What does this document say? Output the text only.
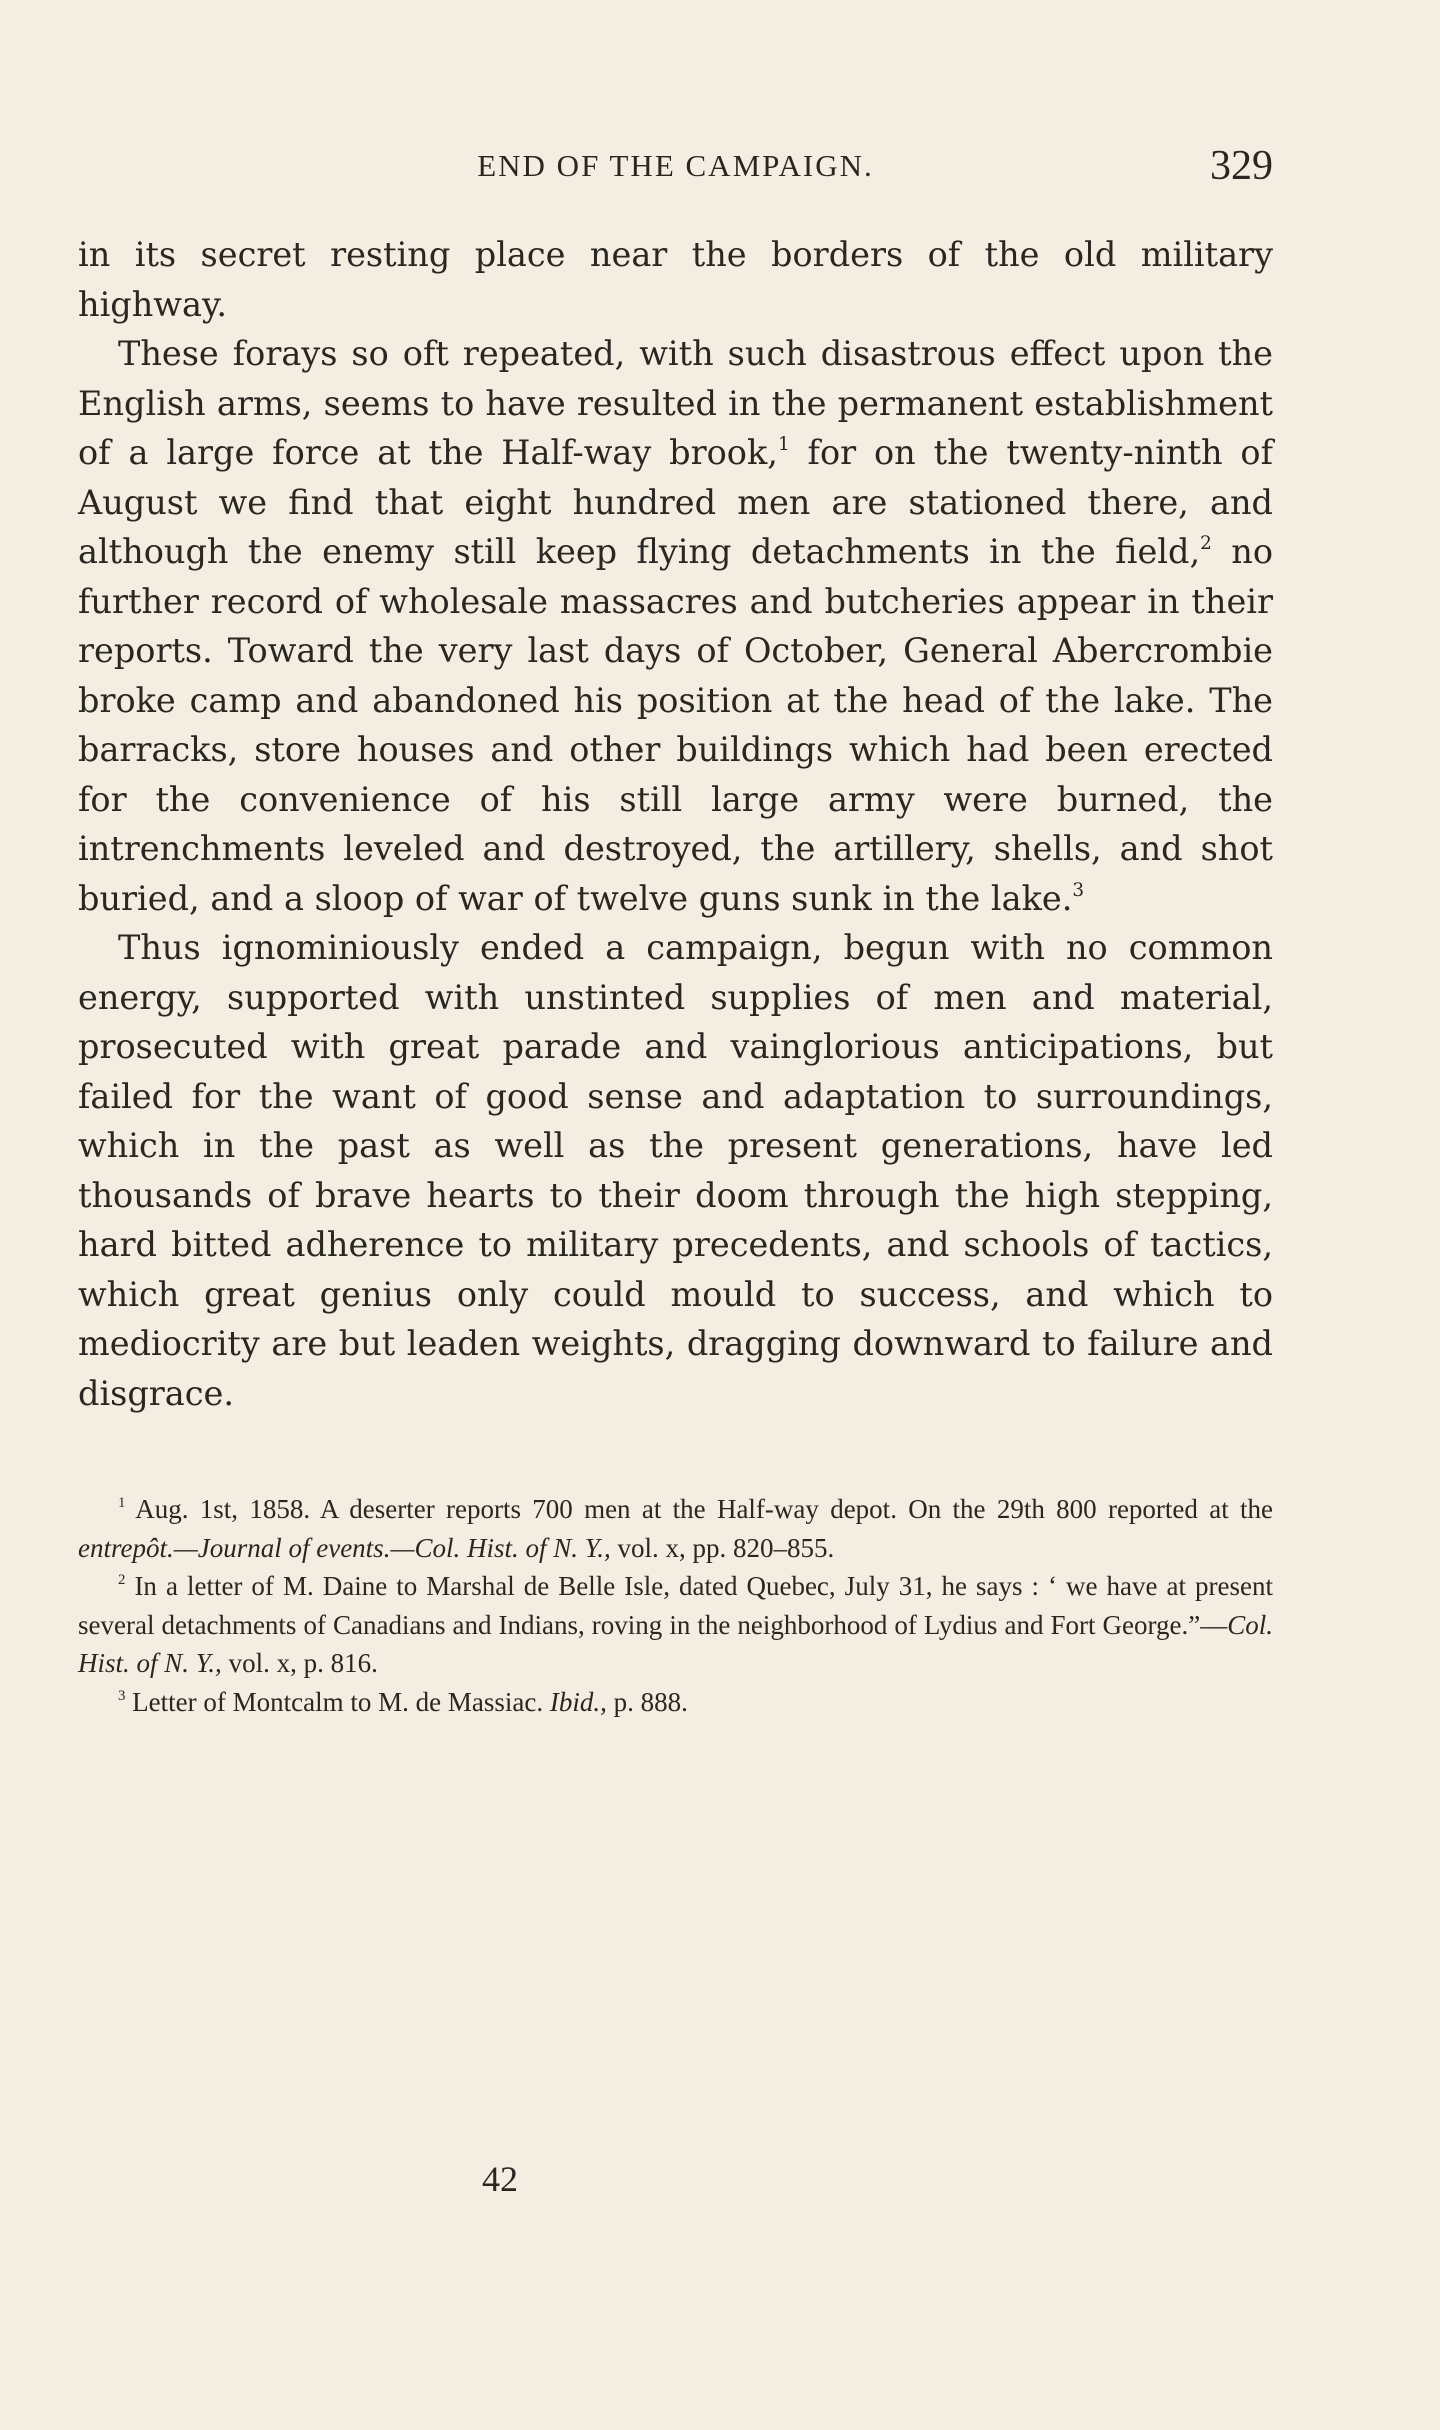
END OF THE CAMPAIGN.	329

in its secret resting place near the borders of the old military highway.

These forays so oft repeated, with such disastrous effect upon the English arms, seems to have resulted in the permanent establishment of a large force at the Half-way brook,$^1$ for on the twenty-ninth of August we find that eight hundred men are stationed there, and although the enemy still keep flying detachments in the field,$^2$ no further record of wholesale massacres and butcheries appear in their reports. Toward the very last days of October, General Abercrombie broke camp and abandoned his position at the head of the lake. The barracks, store houses and other buildings which had been erected for the convenience of his still large army were burned, the intrenchments leveled and destroyed, the artillery, shells, and shot buried, and a sloop of war of twelve guns sunk in the lake.$^3$

Thus ignominiously ended a campaign, begun with no common energy, supported with unstinted supplies of men and material, prosecuted with great parade and vainglorious anticipations, but failed for the want of good sense and adaptation to surroundings, which in the past as well as the present generations, have led thousands of brave hearts to their doom through the high stepping, hard bitted adherence to military precedents, and schools of tactics, which great genius only could mould to success, and which to mediocrity are but leaden weights, dragging downward to failure and disgrace.

$^1$ Aug. 1st, 1858. A deserter reports 700 men at the Half-way depot. On the 29th 800 reported at the entrepôt.—Journal of events.—Col. Hist. of N. Y., vol. x, pp. 820–855.

$^2$ In a letter of M. Daine to Marshal de Belle Isle, dated Quebec, July 31, he says : ‘ we have at present several detachments of Canadians and Indians, roving in the neighborhood of Lydius and Fort George.”—Col. Hist. of N. Y., vol. x, p. 816.

$^3$ Letter of Montcalm to M. de Massiac. Ibid., p. 888.

42
